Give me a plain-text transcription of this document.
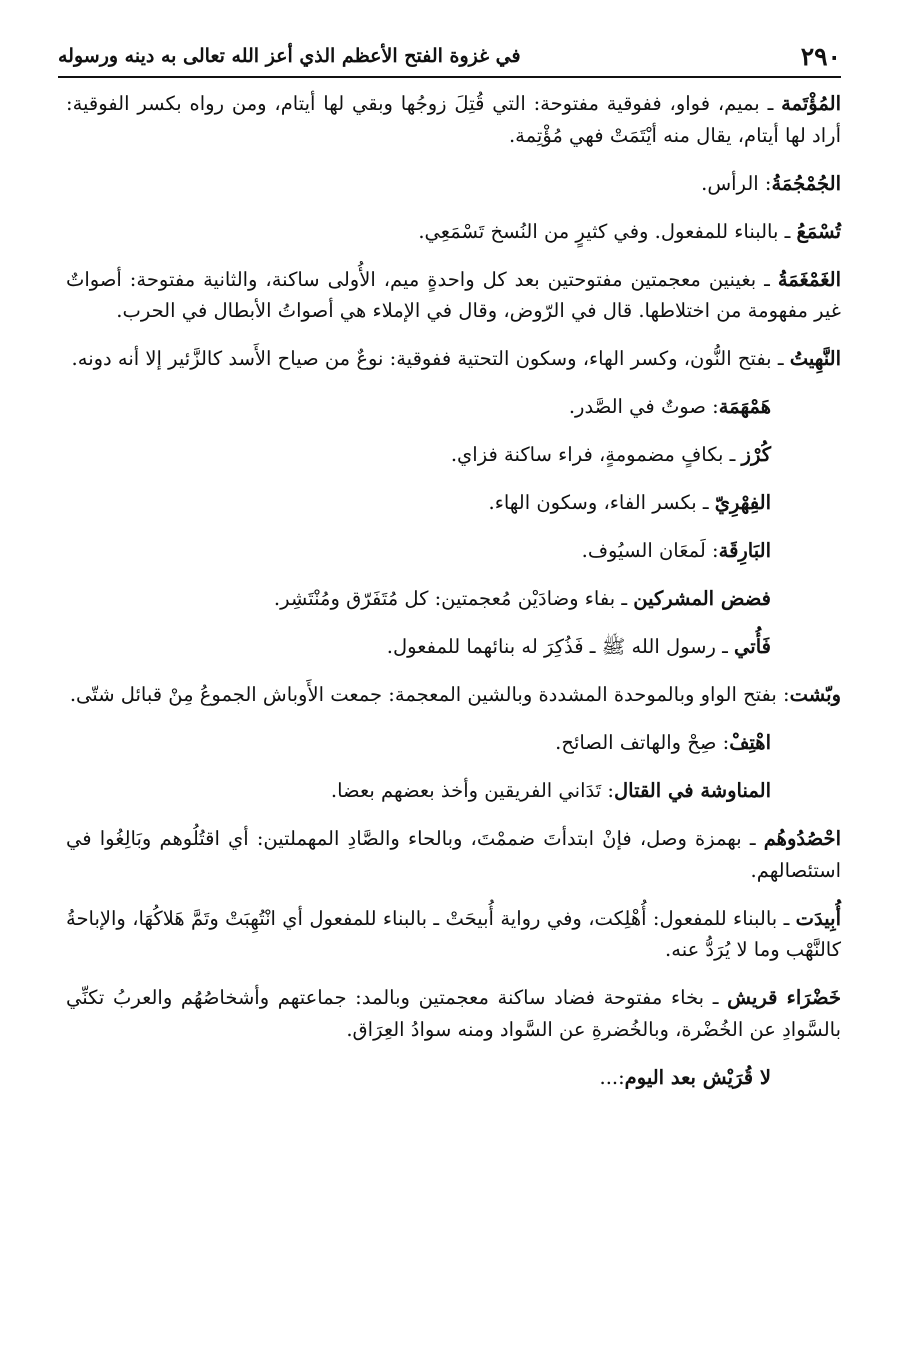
٢٩٠
في غزوة الفتح الأعظم الذي أعز الله تعالى به دينه ورسوله

المُؤْتَمة ـ بميم، فواو، ففوقية مفتوحة: التي قُتِلَ زوجُها وبقي لها أيتام، ومن رواه بكسر الفوقية: أراد لها أيتام، يقال منه أيْتَمَتْ فهي مُؤْتِمة.

الجُمْجُمَةُ: الرأس.

تُسْمَعُ ـ بالبناء للمفعول. وفي كثيرٍ من النُسخ تَسْمَعِي.

الغَمْغَمَةُ ـ بغينين معجمتين مفتوحتين بعد كل واحدةٍ ميم، الأُولى ساكنة، والثانية مفتوحة: أصواتٌ غير مفهومة من اختلاطها. قال في الرّوض، وقال في الإملاء هي أصواتُ الأبطال في الحرب.

النَّهِيتُ ـ بفتح النُّون، وكسر الهاء، وسكون التحتية ففوقية: نوعٌ من صياح الأَسد كالزَّئير إلا أنه دونه.

هَمْهَمَة: صوتٌ في الصَّدر.

كُرْز ـ بكافٍ مضمومةٍ، فراء ساكنة فزاي.

الفِهْرِيّ ـ بكسر الفاء، وسكون الهاء.

البَارِقَة: لَمعَان السيُوف.

فضض المشركين ـ بفاء وضادَيْن مُعجمتين: كل مُتَفَرّق ومُنْتَشِر.

فَأُتي ـ رسول الله ﷺ ـ فَذُكِرَ له بنائهما للمفعول.

وبّشت: بفتح الواو وبالموحدة المشددة وبالشين المعجمة: جمعت الأَوباش الجموعُ مِنْ قبائل شتّى.

اهْتِفْ: صِحْ والهاتف الصائح.

المناوشة في القتال: تَدَاني الفريقين وأخذ بعضهم بعضا.

احْصُدُوهُم ـ بهمزة وصل، فإنْ ابتدأتَ ضممْتَ، وبالحاء والصَّادِ المهملتين: أي اقتُلُوهم وبَالِغُوا في استئصالهم.

أُبِيدَت ـ بالبناء للمفعول: أُهْلِكت، وفي رواية أُبيحَتْ ـ بالبناء للمفعول أي انْتُهِبَتْ وتَمَّ هَلاكُهَا، والإباحةُ كالنَّهْب وما لا يُرَدُّ عنه.

خَضْرَاء قريش ـ بخاء مفتوحة فضاد ساكنة معجمتين وبالمد: جماعتهم وأشخاصُهُم والعربُ تكنِّي بالسَّوادِ عن الخُضْرة، وبالخُضرةِ عن السَّواد ومنه سوادُ العِرَاق.

لا قُرَيْش بعد اليوم:...
